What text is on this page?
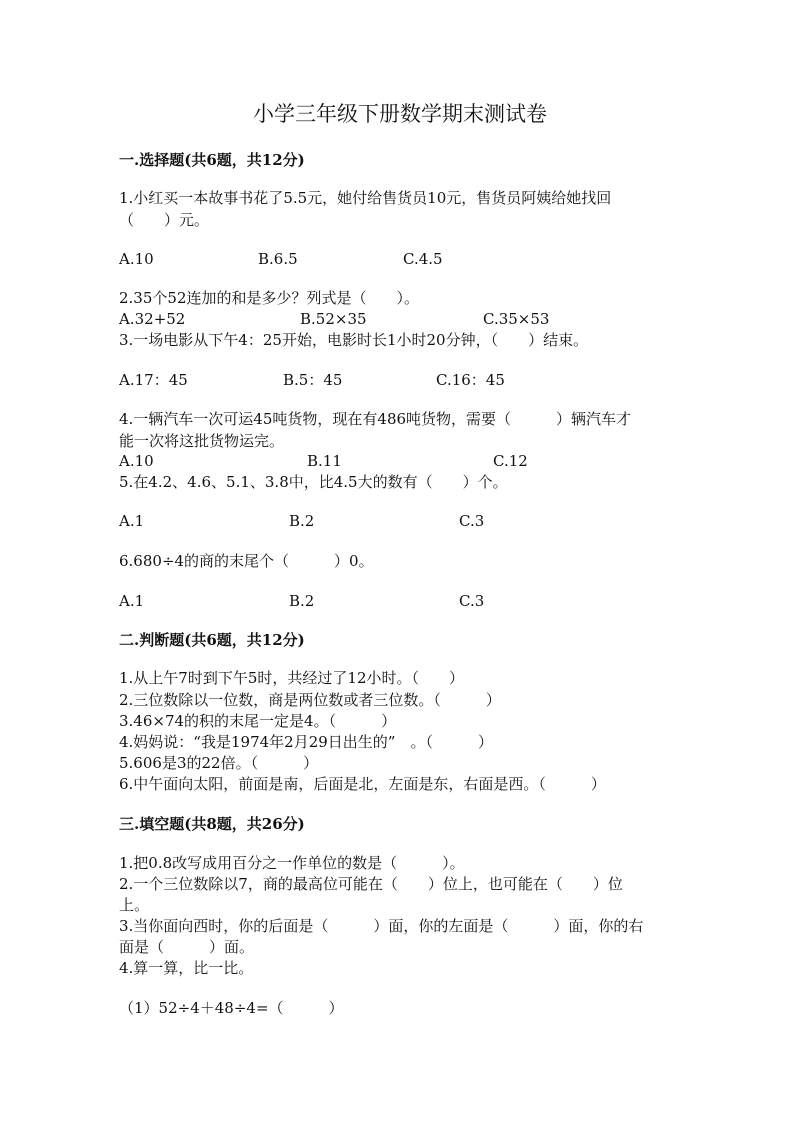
小学三年级下册数学期末测试卷
一.选择题(共6题，共12分)
1.小红买一本故事书花了5.5元，她付给售货员10元，售货员阿姨给她找回
（　　）元。
A.10	B.6.5	C.4.5
2.35个52连加的和是多少？列式是（　　）。
A.32+52	B.52×35	C.35×53
3.一场电影从下午4：25开始，电影时长1小时20分钟，（　　）结束。
A.17：45	B.5：45	C.16：45
4.一辆汽车一次可运45吨货物，现在有486吨货物，需要（　　　）辆汽车才
能一次将这批货物运完。
A.10	B.11	C.12
5.在4.2、4.6、5.1、3.8中，比4.5大的数有（　　）个。
A.1	B.2	C.3
6.680÷4的商的末尾个（　　　）0。
A.1	B.2	C.3
二.判断题(共6题，共12分)
1.从上午7时到下午5时，共经过了12小时。（　　）
2.三位数除以一位数，商是两位数或者三位数。（　　　）
3.46×74的积的末尾一定是4。（　　　）
4.妈妈说：“我是1974年2月29日出生的”　。（　　　）
5.606是3的22倍。（　　　）
6.中午面向太阳，前面是南，后面是北，左面是东，右面是西。（　　　）
三.填空题(共8题，共26分)
1.把0.8改写成用百分之一作单位的数是（　　　）。
2.一个三位数除以7，商的最高位可能在（　　）位上，也可能在（　　）位
上。
3.当你面向西时，你的后面是（　　　）面，你的左面是（　　　）面，你的右
面是（　　　）面。
4.算一算，比一比。
（1）52÷4＋48÷4=（　　　）
